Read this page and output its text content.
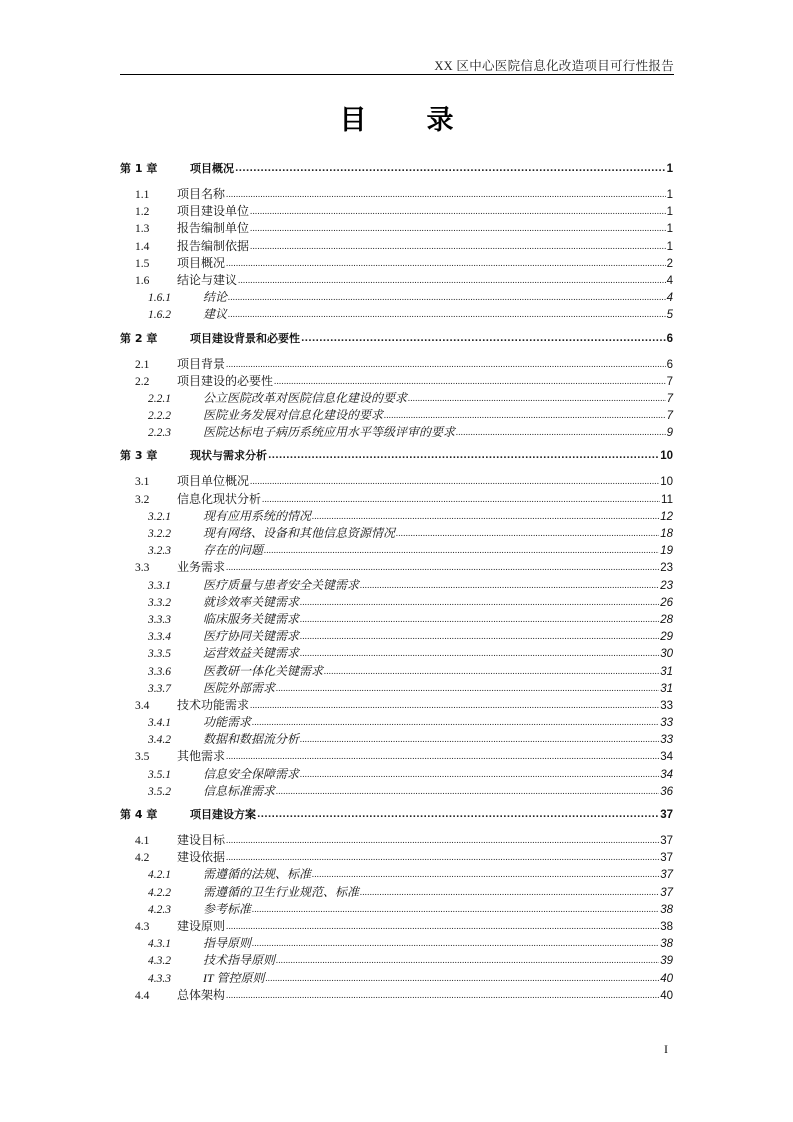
XX 区中心医院信息化改造项目可行性报告
目 录
第 1 章	项目概况 .....	1
1.1	项目名称 .....	1
1.2	项目建设单位 .....	1
1.3	报告编制单位 .....	1
1.4	报告编制依据 .....	1
1.5	项目概况 .....	2
1.6	结论与建议 .....	4
1.6.1	结论 .....	4
1.6.2	建议 .....	5
第 2 章	项目建设背景和必要性 .....	6
2.1	项目背景 .....	6
2.2	项目建设的必要性 .....	7
2.2.1	公立医院改革对医院信息化建设的要求 .....	7
2.2.2	医院业务发展对信息化建设的要求 .....	7
2.2.3	医院达标电子病历系统应用水平等级评审的要求 .....	9
第 3 章	现状与需求分析 .....	10
3.1	项目单位概况 .....	10
3.2	信息化现状分析 .....	11
3.2.1	现有应用系统的情况 .....	12
3.2.2	现有网络、设备和其他信息资源情况 .....	18
3.2.3	存在的问题 .....	19
3.3	业务需求 .....	23
3.3.1	医疗质量与患者安全关键需求 .....	23
3.3.2	就诊效率关键需求 .....	26
3.3.3	临床服务关键需求 .....	28
3.3.4	医疗协同关键需求 .....	29
3.3.5	运营效益关键需求 .....	30
3.3.6	医教研一体化关键需求 .....	31
3.3.7	医院外部需求 .....	31
3.4	技术功能需求 .....	33
3.4.1	功能需求 .....	33
3.4.2	数据和数据流分析 .....	33
3.5	其他需求 .....	34
3.5.1	信息安全保障需求 .....	34
3.5.2	信息标准需求 .....	36
第 4 章	项目建设方案 .....	37
4.1	建设目标 .....	37
4.2	建设依据 .....	37
4.2.1	需遵循的法规、标准 .....	37
4.2.2	需遵循的卫生行业规范、标准 .....	37
4.2.3	参考标准 .....	38
4.3	建设原则 .....	38
4.3.1	指导原则 .....	38
4.3.2	技术指导原则 .....	39
4.3.3	IT 管控原则 .....	40
4.4	总体架构 .....	40
I
